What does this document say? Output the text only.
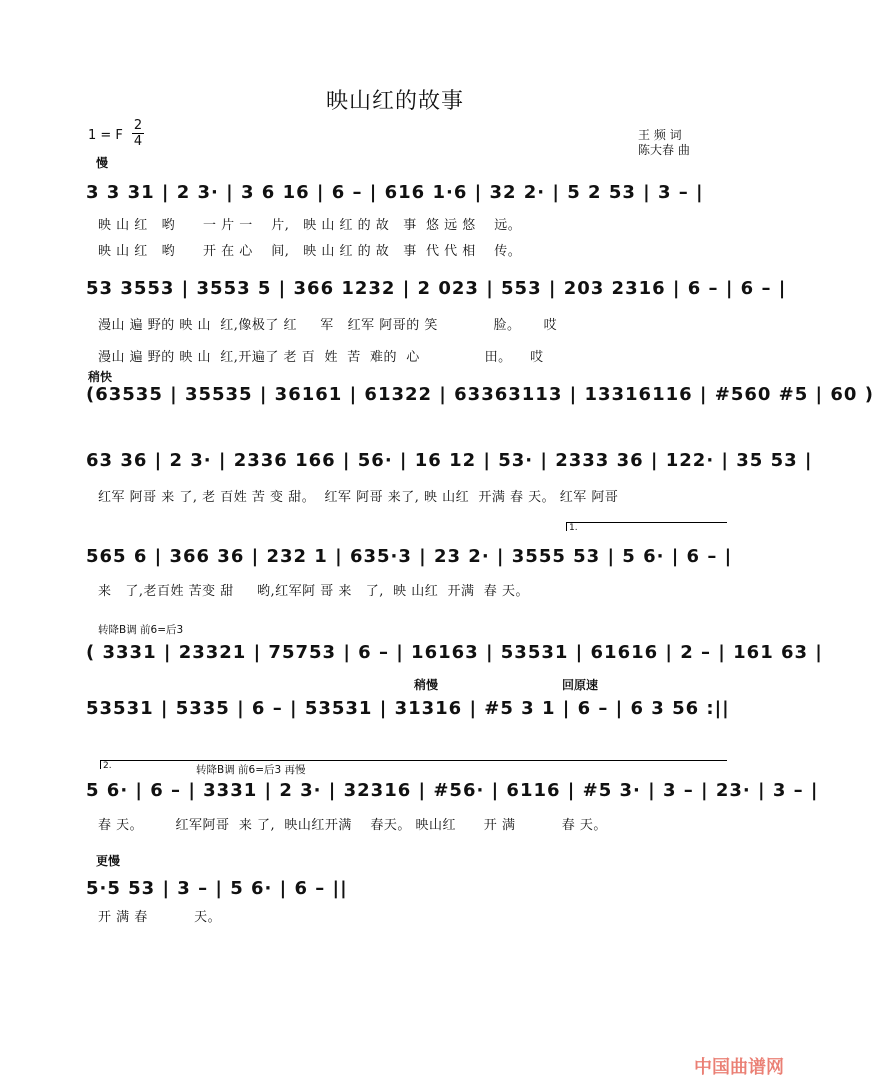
映山红的故事
1 = F
2
4	王 频 词
陈大春 曲
慢
稍快
转降B调 前6=后3
转降B调 前6=后3 再慢
稍慢	回原速
更慢
1.
2.
3 3 31 | 2 3· | 3 6 16 | 6 – | 616 1·6 | 32 2· | 5 2 53 | 3 – |
映 山 红   哟      一 片 一    片,   映 山 红 的 故   事  悠 远 悠    远。
映 山 红   哟      开 在 心    间,   映 山 红 的 故   事  代 代 相    传。
53 3553 | 3553 5 | 366 1232 | 2 023 | 553 | 203 2316 | 6 – | 6 – |
漫山 遍 野的 映 山  红,像极了 红     军   红军 阿哥的 笑            脸。     哎
漫山 遍 野的 映 山  红,开遍了 老 百  姓  苦  难的  心              田。    哎
(63535 | 35535 | 36161 | 61322 | 63363113 | 13316116 | #560 #5 | 60 )
63 36 | 2 3· | 2336 166 | 56· | 16 12 | 53· | 2333 36 | 122· | 35 53 |
红军 阿哥 来 了, 老 百姓 苦 变 甜。  红军 阿哥 来了, 映 山红  开满 春 天。 红军 阿哥
565 6 | 366 36 | 232 1 | 635·3 | 23 2· | 3555 53 | 5 6· | 6 – |
来   了,老百姓 苦变 甜     哟,红军阿 哥 来   了,  映 山红  开满  春 天。
( 3331 | 23321 | 75753 | 6 – | 16163 | 53531 | 61616 | 2 – | 161 63 |
53531 | 5335 | 6 – | 53531 | 31316 | #5 3 1 | 6 – | 6 3 56 :||
5 6· | 6 – | 3331 | 2 3· | 32316 | #56· | 6116 | #5 3· | 3 – | 23· | 3 – |
春 天。       红军阿哥  来 了,  映山红开满    春天。 映山红      开 满          春 天。
5·5 53 | 3 – | 5 6· | 6 – ||
开 满 春          天。
中国曲谱网
